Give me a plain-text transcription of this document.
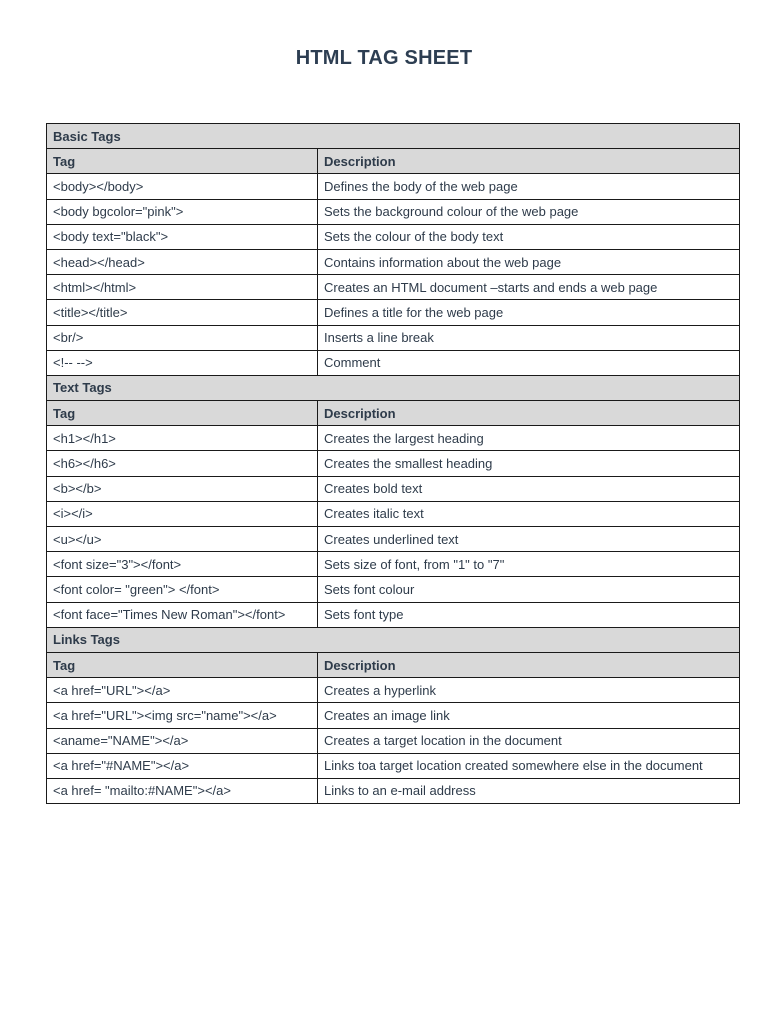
HTML TAG SHEET
Basic Tags	
Tag	Description
<body></body>	Defines the body of the web page
<body bgcolor="pink">	Sets the background colour of the web page
<body text="black">	Sets the colour of the body text
<head></head>	Contains information about the web page
<html></html>	Creates an HTML document –starts and ends a web page
<title></title>	Defines a title for the web page
<br/>	Inserts a line break
<!-- -->	Comment
Text Tags	
Tag	Description
<h1></h1>	Creates the largest heading
<h6></h6>	Creates the smallest heading
<b></b>	Creates bold text
<i></i>	Creates italic text
<u></u>	Creates underlined text
<font size="3"></font>	Sets size of font, from "1" to "7"
<font color= "green"> </font>	Sets font colour
<font face="Times New Roman"></font>	Sets font type
Links Tags	
Tag	Description
<a href="URL"></a>	Creates a hyperlink
<a href="URL"><img src="name"></a>	Creates an image link
<aname="NAME"></a>	Creates a target location in the document
<a href="#NAME"></a>	Links toa target location created somewhere else in the document
<a href= "mailto:#NAME"></a>	Links to an e-mail address
